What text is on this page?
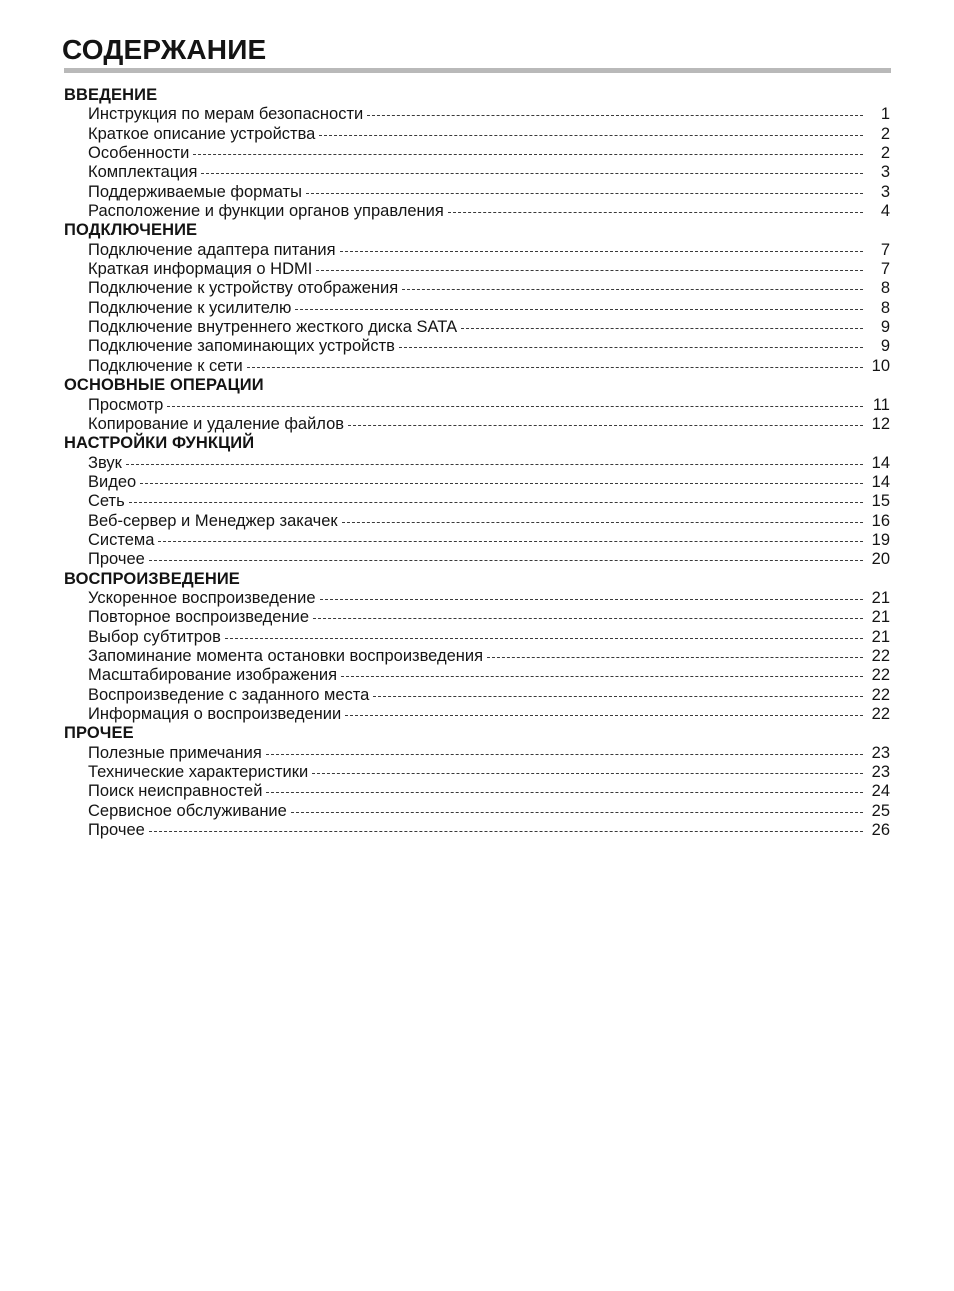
СОДЕРЖАНИЕ
ВВЕДЕНИЕ
Инструкция по мерам безопасности	1
Краткое описание устройства	2
Особенности	2
Комплектация	3
Поддерживаемые форматы	3
Расположение и функции органов управления	4
ПОДКЛЮЧЕНИЕ
Подключение адаптера питания	7
Краткая информация о HDMI	7
Подключение к устройству отображения	8
Подключение к усилителю	8
Подключение внутреннего жесткого диска SATA	9
Подключение запоминающих устройств	9
Подключение к сети	10
ОСНОВНЫЕ ОПЕРАЦИИ
Просмотр	11
Копирование и удаление файлов	12
НАСТРОЙКИ ФУНКЦИЙ
Звук	14
Видео	14
Сеть	15
Веб-сервер и Менеджер закачек	16
Система	19
Прочее	20
ВОСПРОИЗВЕДЕНИЕ
Ускоренное воспроизведение	21
Повторное воспроизведение	21
Выбор субтитров	21
Запоминание момента остановки воспроизведения	22
Масштабирование изображения	22
Воспроизведение с заданного места	22
Информация о воспроизведении	22
ПРОЧЕЕ
Полезные примечания	23
Технические характеристики	23
Поиск неисправностей	24
Сервисное обслуживание	25
Прочее	26
